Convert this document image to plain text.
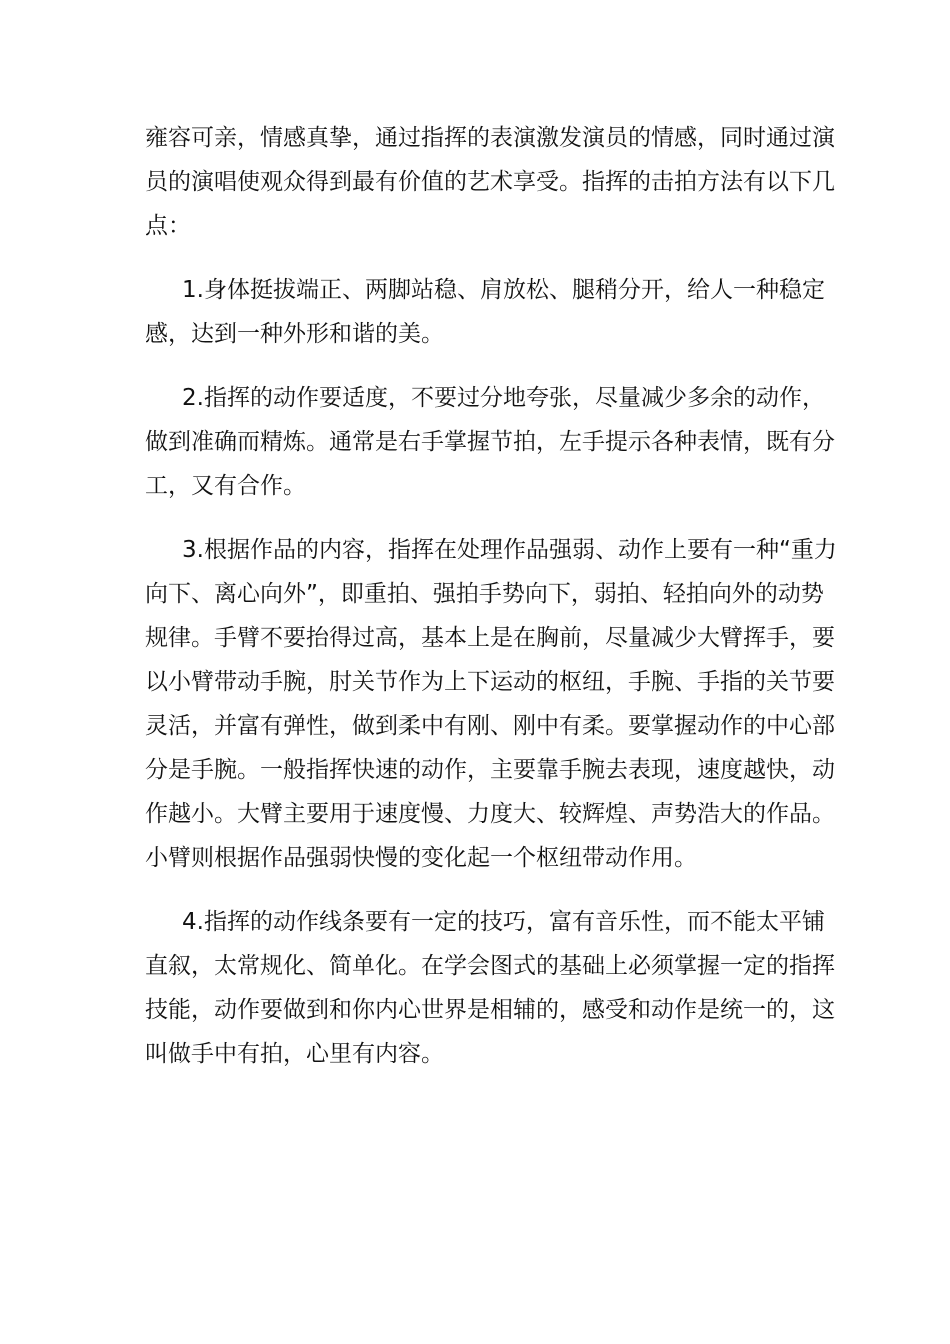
雍容可亲，情感真挚，通过指挥的表演激发演员的情感，同时通过演
员的演唱使观众得到最有价值的艺术享受。指挥的击拍方法有以下几
点：
1.身体挺拔端正、两脚站稳、肩放松、腿稍分开，给人一种稳定
感，达到一种外形和谐的美。
2.指挥的动作要适度，不要过分地夸张，尽量减少多余的动作，
做到准确而精炼。通常是右手掌握节拍，左手提示各种表情，既有分
工，又有合作。
3.根据作品的内容，指挥在处理作品强弱、动作上要有一种“重力
向下、离心向外”，即重拍、强拍手势向下，弱拍、轻拍向外的动势
规律。手臂不要抬得过高，基本上是在胸前，尽量减少大臂挥手，要
以小臂带动手腕，肘关节作为上下运动的枢纽，手腕、手指的关节要
灵活，并富有弹性，做到柔中有刚、刚中有柔。要掌握动作的中心部
分是手腕。一般指挥快速的动作，主要靠手腕去表现，速度越快，动
作越小。大臂主要用于速度慢、力度大、较辉煌、声势浩大的作品。
小臂则根据作品强弱快慢的变化起一个枢纽带动作用。
4.指挥的动作线条要有一定的技巧，富有音乐性，而不能太平铺
直叙，太常规化、简单化。在学会图式的基础上必须掌握一定的指挥
技能，动作要做到和你内心世界是相辅的，感受和动作是统一的，这
叫做手中有拍，心里有内容。
